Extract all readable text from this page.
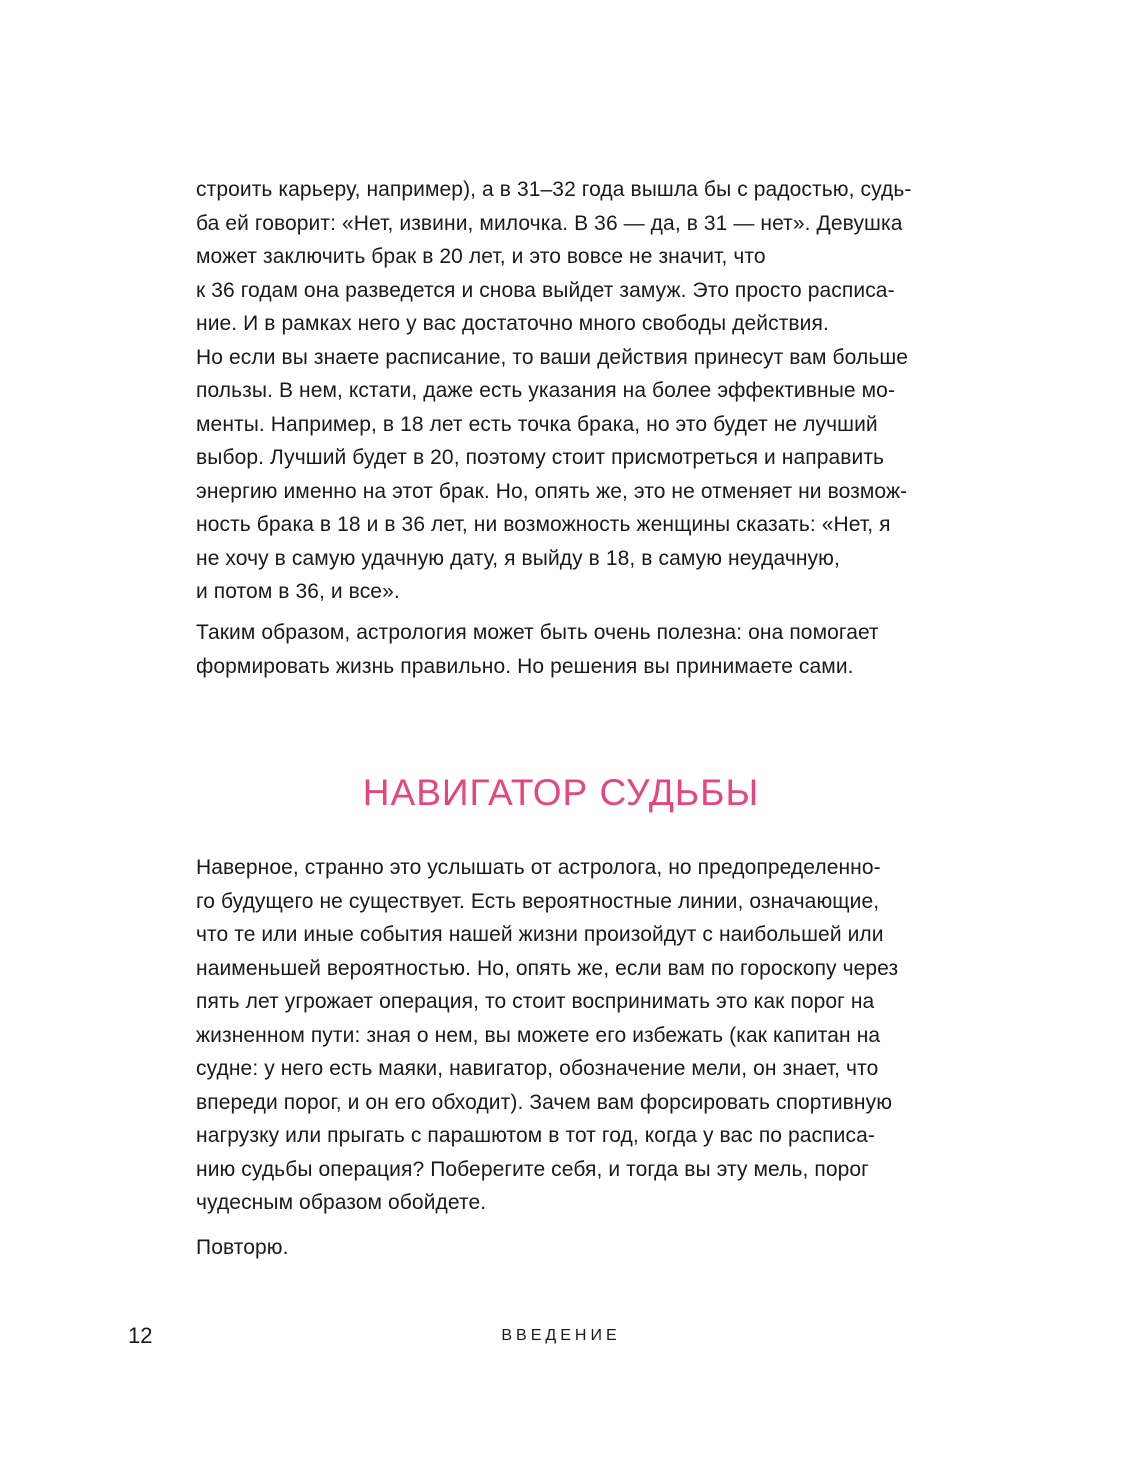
строить карьеру, например), а в 31–32 года вышла бы с радостью, судь-
ба ей говорит: «Нет, извини, милочка. В 36 — да, в 31 — нет». Девушка
может заключить брак в 20 лет, и это вовсе не значит, что
к 36 годам она разведется и снова выйдет замуж. Это просто расписа-
ние. И в рамках него у вас достаточно много свободы действия.
Но если вы знаете расписание, то ваши действия принесут вам больше
пользы. В нем, кстати, даже есть указания на более эффективные мо-
менты. Например, в 18 лет есть точка брака, но это будет не лучший
выбор. Лучший будет в 20, поэтому стоит присмотреться и направить
энергию именно на этот брак. Но, опять же, это не отменяет ни возмож-
ность брака в 18 и в 36 лет, ни возможность женщины сказать: «Нет, я
не хочу в самую удачную дату, я выйду в 18, в самую неудачную,
и потом в 36, и все».
Таким образом, астрология может быть очень полезна: она помогает
формировать жизнь правильно. Но решения вы принимаете сами.
НАВИГАТОР СУДЬБЫ
Наверное, странно это услышать от астролога, но предопределенно-
го будущего не существует. Есть вероятностные линии, означающие,
что те или иные события нашей жизни произойдут с наибольшей или
наименьшей вероятностью. Но, опять же, если вам по гороскопу через
пять лет угрожает операция, то стоит воспринимать это как порог на
жизненном пути: зная о нем, вы можете его избежать (как капитан на
судне: у него есть маяки, навигатор, обозначение мели, он знает, что
впереди порог, и он его обходит). Зачем вам форсировать спортивную
нагрузку или прыгать с парашютом в тот год, когда у вас по расписа-
нию судьбы операция? Поберегите себя, и тогда вы эту мель, порог
чудесным образом обойдете.
Повторю.
12	ВВЕДЕНИЕ
